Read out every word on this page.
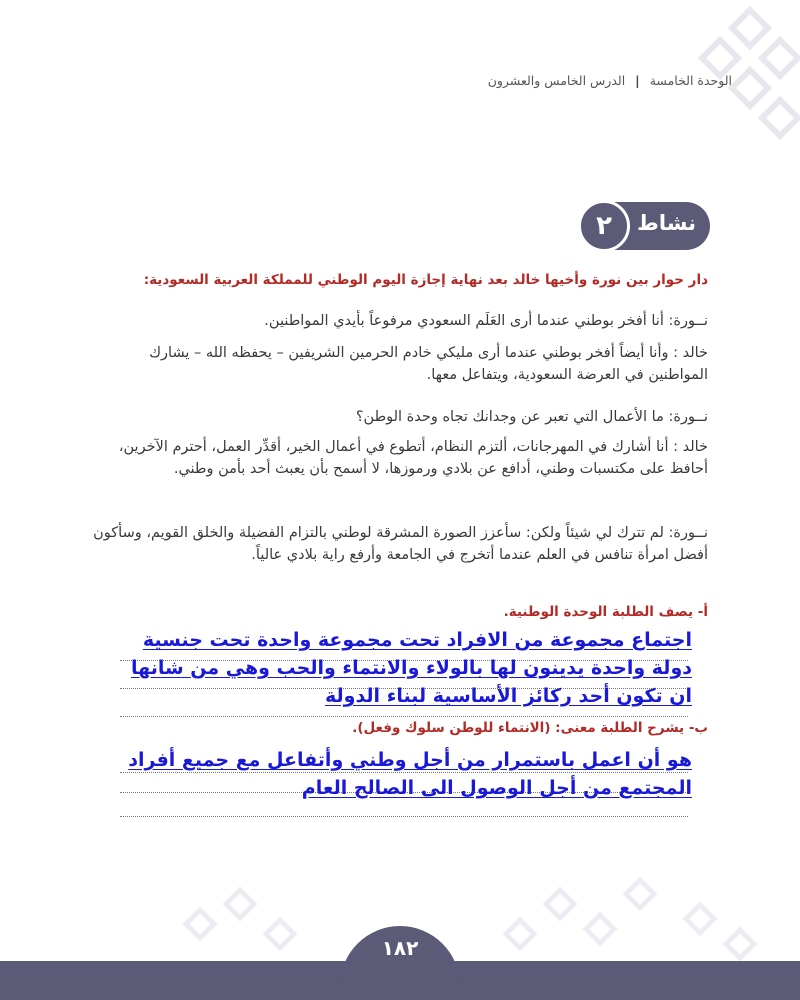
الوحدة الخامسة | الدرس الخامس والعشرون
نشاط
٢
دار حوار بين نورة وأخيها خالد بعد نهاية إجازة اليوم الوطني للمملكة العربية السعودية:
نــورة: أنا أفخر بوطني عندما أرى العَلَم السعودي مرفوعاً بأيدي المواطنين.
خالد : وأنا أيضاً أفخر بوطني عندما أرى مليكي خادم الحرمين الشريفين – يحفظه الله – يشارك المواطنين في العرضة السعودية، ويتفاعل معها.
نــورة: ما الأعمال التي تعبر عن وجدانك تجاه وحدة الوطن؟
خالد : أنا أشارك في المهرجانات، ألتزم النظام، أتطوع في أعمال الخير، أقدِّر العمل، أحترم الآخرين، أحافظ على مكتسبات وطني، أدافع عن بلادي ورموزها، لا أسمح بأن يعبث أحد بأمن وطني.
نــورة: لم تترك لي شيئاً ولكن: سأعزز الصورة المشرقة لوطني بالتزام الفضيلة والخلق القويم، وسأكون أفضل امرأة تنافس في العلم عندما أتخرج في الجامعة وأرفع راية بلادي عالياً.
أ- يصف الطلبة الوحدة الوطنية.
اجتماع مجموعة من الافراد تحت مجموعة واحدة تحت جنسية دولة واحدة يدينون لها بالولاء والانتماء والحب وهي من شانها ان تكون أحد ركائز الأساسية لبناء الدولة
ب- يشرح الطلبة معنى: (الانتماء للوطن سلوك وفعل).
هو أن اعمل باستمرار من أجل وطني وأتفاعل مع جميع أفراد المجتمع من أجل الوصول الى الصالح العام
١٨٢
